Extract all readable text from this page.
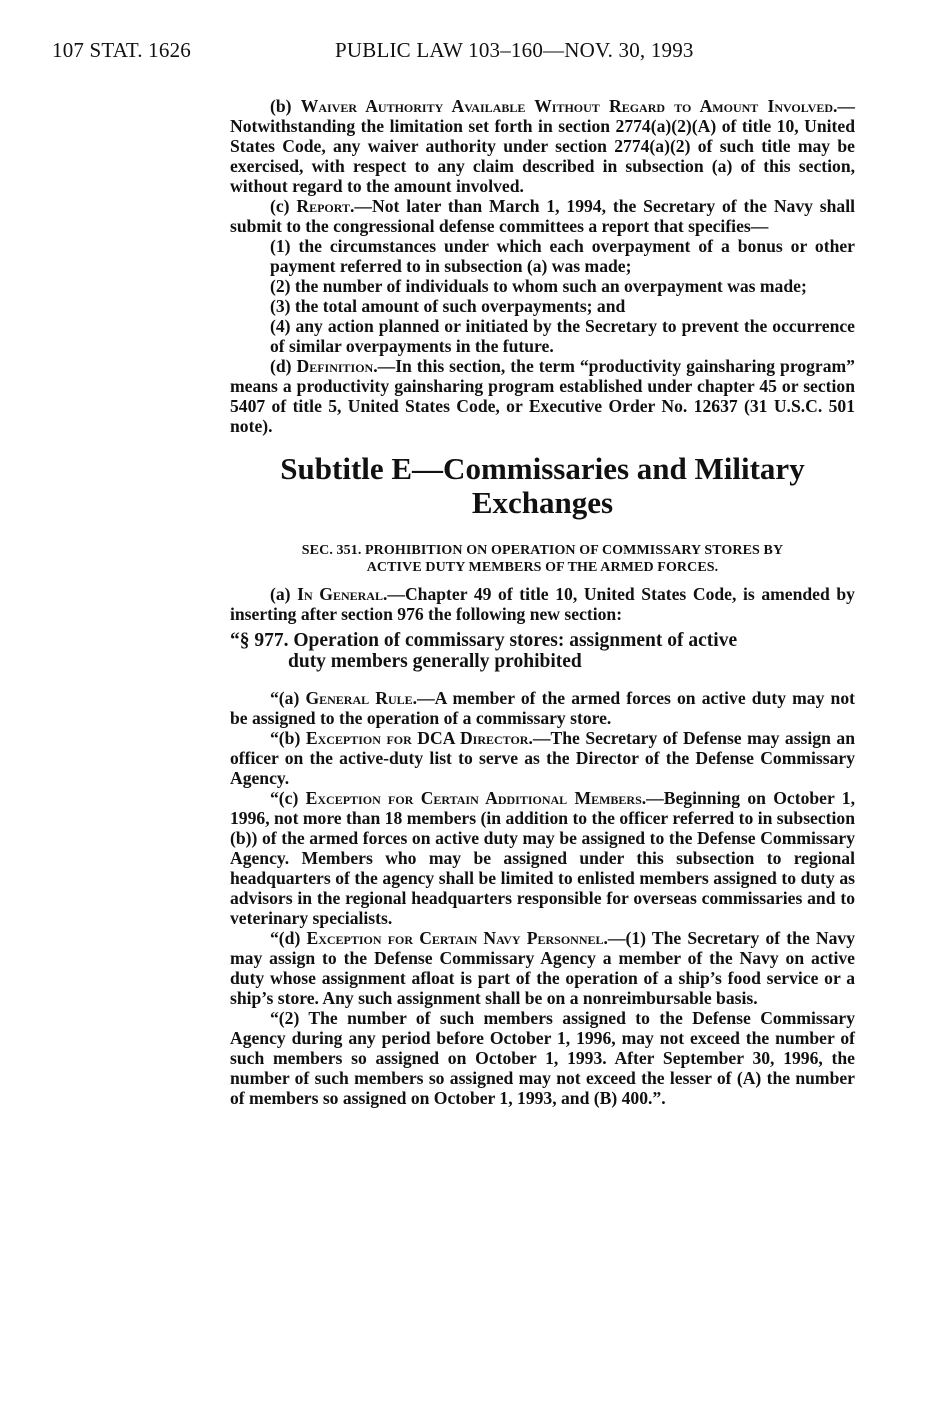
107 STAT. 1626	PUBLIC LAW 103–160—NOV. 30, 1993

(b) Waiver Authority Available Without Regard to Amount Involved.—Notwithstanding the limitation set forth in section 2774(a)(2)(A) of title 10, United States Code, any waiver authority under section 2774(a)(2) of such title may be exercised, with respect to any claim described in subsection (a) of this section, without regard to the amount involved.

(c) Report.—Not later than March 1, 1994, the Secretary of the Navy shall submit to the congressional defense committees a report that specifies—

(1) the circumstances under which each overpayment of a bonus or other payment referred to in subsection (a) was made;

(2) the number of individuals to whom such an overpayment was made;

(3) the total amount of such overpayments; and

(4) any action planned or initiated by the Secretary to prevent the occurrence of similar overpayments in the future.

(d) Definition.—In this section, the term “productivity gainsharing program” means a productivity gainsharing program established under chapter 45 or section 5407 of title 5, United States Code, or Executive Order No. 12637 (31 U.S.C. 501 note).

Subtitle E—Commissaries and Military
Exchanges
SEC. 351. PROHIBITION ON OPERATION OF COMMISSARY STORES BY
ACTIVE DUTY MEMBERS OF THE ARMED FORCES.

(a) In General.—Chapter 49 of title 10, United States Code, is amended by inserting after section 976 the following new section:

“§ 977. Operation of commissary stores: assignment of active
duty members generally prohibited

“(a) General Rule.—A member of the armed forces on active duty may not be assigned to the operation of a commissary store.

“(b) Exception for DCA Director.—The Secretary of Defense may assign an officer on the active-duty list to serve as the Director of the Defense Commissary Agency.

“(c) Exception for Certain Additional Members.—Beginning on October 1, 1996, not more than 18 members (in addition to the officer referred to in subsection (b)) of the armed forces on active duty may be assigned to the Defense Commissary Agency. Members who may be assigned under this subsection to regional headquarters of the agency shall be limited to enlisted members assigned to duty as advisors in the regional headquarters responsible for overseas commissaries and to veterinary specialists.

“(d) Exception for Certain Navy Personnel.—(1) The Secretary of the Navy may assign to the Defense Commissary Agency a member of the Navy on active duty whose assignment afloat is part of the operation of a ship’s food service or a ship’s store. Any such assignment shall be on a nonreimbursable basis.

“(2) The number of such members assigned to the Defense Commissary Agency during any period before October 1, 1996, may not exceed the number of such members so assigned on October 1, 1993. After September 30, 1996, the number of such members so assigned may not exceed the lesser of (A) the number of members so assigned on October 1, 1993, and (B) 400.”.
